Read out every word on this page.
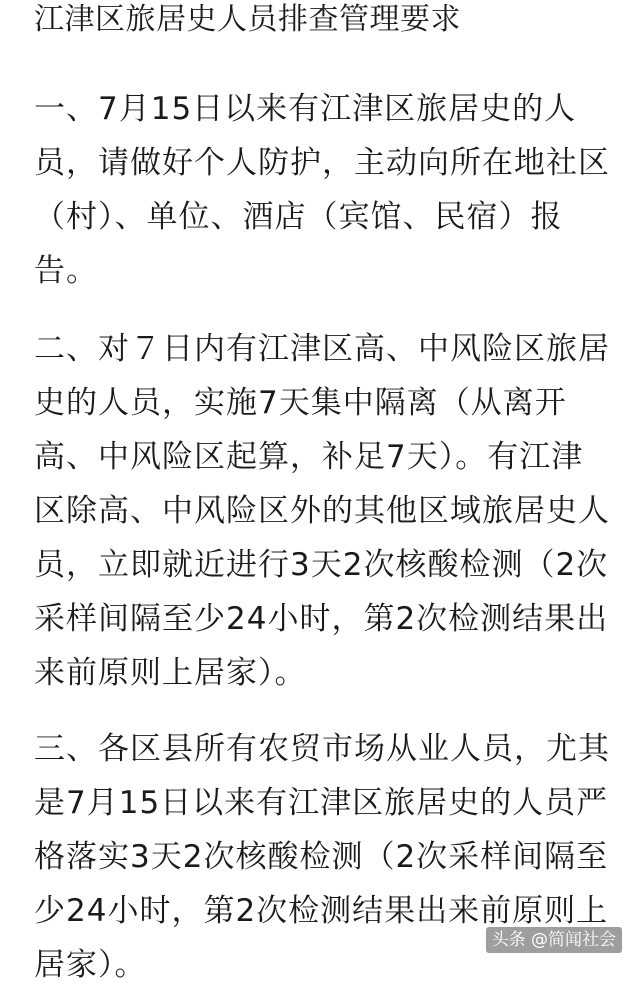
江津区旅居史人员排查管理要求
一、7月15日以来有江津区旅居史的人
员，请做好个人防护，主动向所在地社区
（村）、单位、酒店（宾馆、民宿）报
告。
二、对７日内有江津区高、中风险区旅居
史的人员，实施7天集中隔离（从离开
高、中风险区起算，补足7天）。有江津
区除高、中风险区外的其他区域旅居史人
员，立即就近进行3天2次核酸检测（2次
采样间隔至少24小时，第2次检测结果出
来前原则上居家）。
三、各区县所有农贸市场从业人员，尤其
是7月15日以来有江津区旅居史的人员严
格落实3天2次核酸检测（2次采样间隔至
少24小时，第2次检测结果出来前原则上
居家）。
头条 @简闻社会
